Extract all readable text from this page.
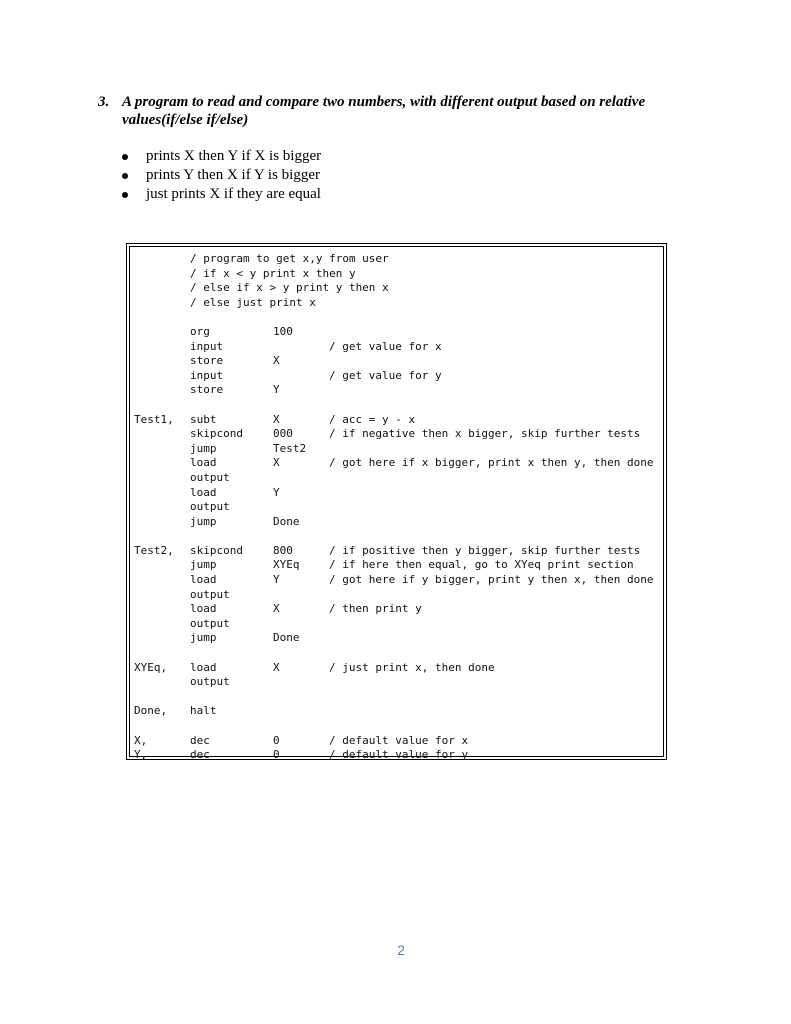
3. A program to read and compare two numbers, with different output based on relative values(if/else if/else)
prints X then Y if X is bigger
prints Y then X if Y is bigger
just prints X if they are equal
/ program to get x,y from user
/ if x < y print x then y
/ else if x > y print y then x
/ else just print x
org	100
input	/ get value for x
store	X
input	/ get value for y
store	Y
Test1, subt	X	/ acc = y - x
skipcond	000	/ if negative then x bigger, skip further tests
jump	Test2
load	X	/ got here if x bigger, print x then y, then done
output
load	Y
output
jump	Done
Test2, skipcond	800	/ if positive then y bigger, skip further tests
jump	XYEq	/ if here then equal, go to XYeq print section
load	Y	/ got here if y bigger, print y then x, then done
output
load	X	/ then print y
output
jump	Done
XYEq, load	X	/ just print x, then done
output
Done, halt
X,	dec	0	/ default value for x
Y,	dec	0	/ default value for y
2
